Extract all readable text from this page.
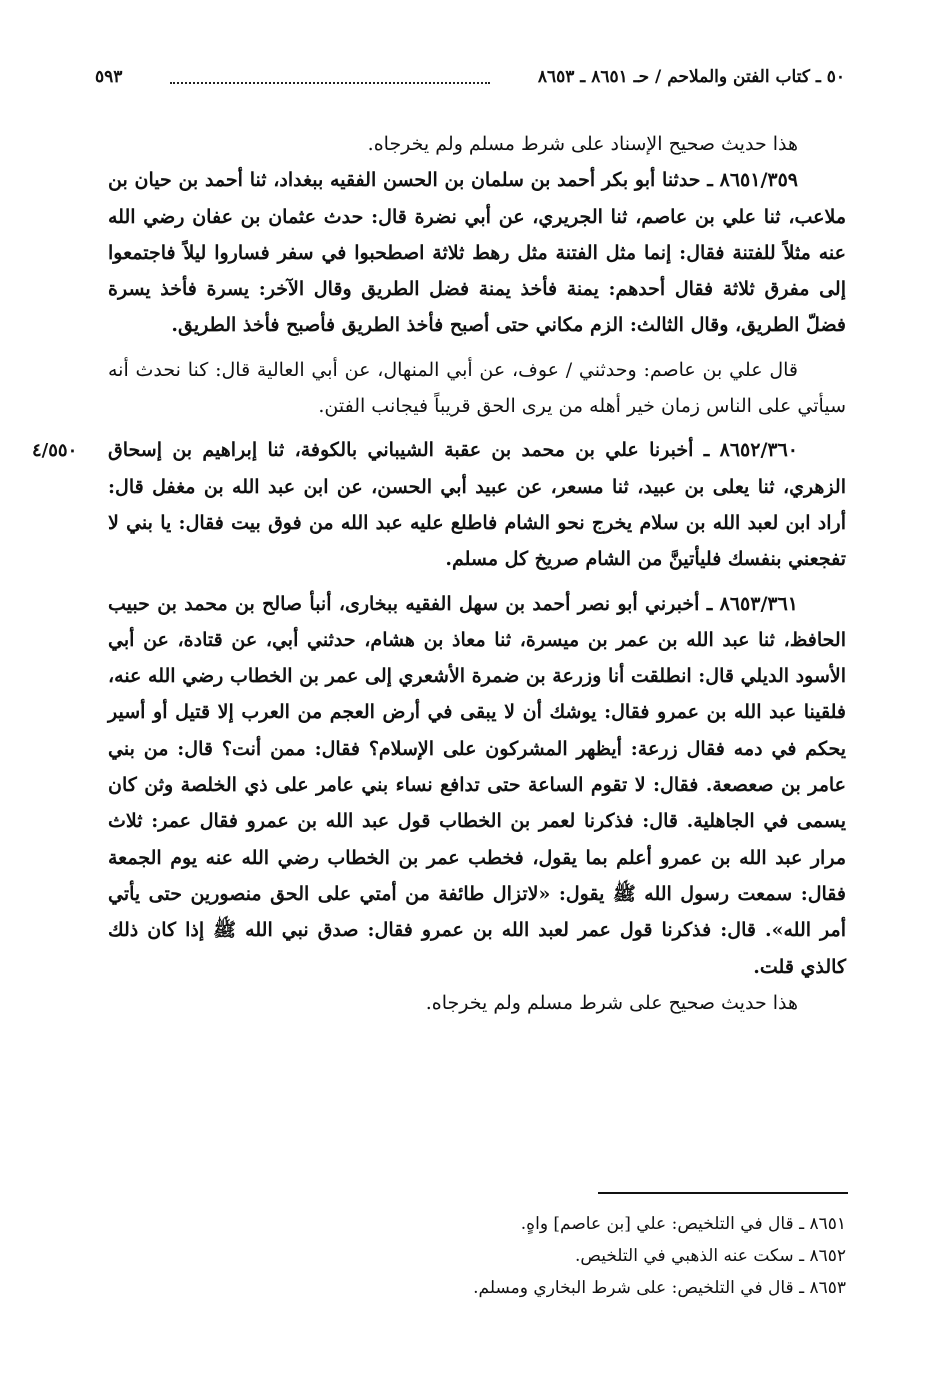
٥٠ ـ كتاب الفتن والملاحم / حـ ٨٦٥١ ـ ٨٦٥٣
٥٩٣
٤/٥٥٠

هذا حديث صحيح الإسناد على شرط مسلم ولم يخرجاه.

٨٦٥١/٣٥٩ ـ حدثنا أبو بكر أحمد بن سلمان بن الحسن الفقيه ببغداد، ثنا أحمد بن حيان بن ملاعب، ثنا علي بن عاصم، ثنا الجريري، عن أبي نضرة قال: حدث عثمان بن عفان رضي الله عنه مثلاً للفتنة فقال: إنما مثل الفتنة مثل رهط ثلاثة اصطحبوا في سفر فساروا ليلاً فاجتمعوا إلى مفرق ثلاثة فقال أحدهم: يمنة فأخذ يمنة فضل الطريق وقال الآخر: يسرة فأخذ يسرة فضلّ الطريق، وقال الثالث: الزم مكاني حتى أصبح فأخذ الطريق فأصبح فأخذ الطريق.

قال علي بن عاصم: وحدثني / عوف، عن أبي المنهال، عن أبي العالية قال: كنا نحدث أنه سيأتي على الناس زمان خير أهله من يرى الحق قريباً فيجانب الفتن.

٨٦٥٢/٣٦٠ ـ أخبرنا علي بن محمد بن عقبة الشيباني بالكوفة، ثنا إبراهيم بن إسحاق الزهري، ثنا يعلى بن عبيد، ثنا مسعر، عن عبيد أبي الحسن، عن ابن عبد الله بن مغفل قال: أراد ابن لعبد الله بن سلام يخرج نحو الشام فاطلع عليه عبد الله من فوق بيت فقال: يا بني لا تفجعني بنفسك فليأتينَّ من الشام صريخ كل مسلم.

٨٦٥٣/٣٦١ ـ أخبرني أبو نصر أحمد بن سهل الفقيه ببخارى، أنبأ صالح بن محمد بن حبيب الحافظ، ثنا عبد الله بن عمر بن ميسرة، ثنا معاذ بن هشام، حدثني أبي، عن قتادة، عن أبي الأسود الديلي قال: انطلقت أنا وزرعة بن ضمرة الأشعري إلى عمر بن الخطاب رضي الله عنه، فلقينا عبد الله بن عمرو فقال: يوشك أن لا يبقى في أرض العجم من العرب إلا قتيل أو أسير يحكم في دمه فقال زرعة: أيظهر المشركون على الإسلام؟ فقال: ممن أنت؟ قال: من بني عامر بن صعصعة. فقال: لا تقوم الساعة حتى تدافع نساء بني عامر على ذي الخلصة وثن كان يسمى في الجاهلية. قال: فذكرنا لعمر بن الخطاب قول عبد الله بن عمرو فقال عمر: ثلاث مرار عبد الله بن عمرو أعلم بما يقول، فخطب عمر بن الخطاب رضي الله عنه يوم الجمعة فقال: سمعت رسول الله ﷺ يقول: «لاتزال طائفة من أمتي على الحق منصورين حتى يأتي أمر الله». قال: فذكرنا قول عمر لعبد الله بن عمرو فقال: صدق نبي الله ﷺ إذا كان ذلك كالذي قلت.

هذا حديث صحيح على شرط مسلم ولم يخرجاه.

٨٦٥١ ـ قال في التلخيص: علي [بن عاصم] واهٍ.

٨٦٥٢ ـ سكت عنه الذهبي في التلخيص.

٨٦٥٣ ـ قال في التلخيص: على شرط البخاري ومسلم.
